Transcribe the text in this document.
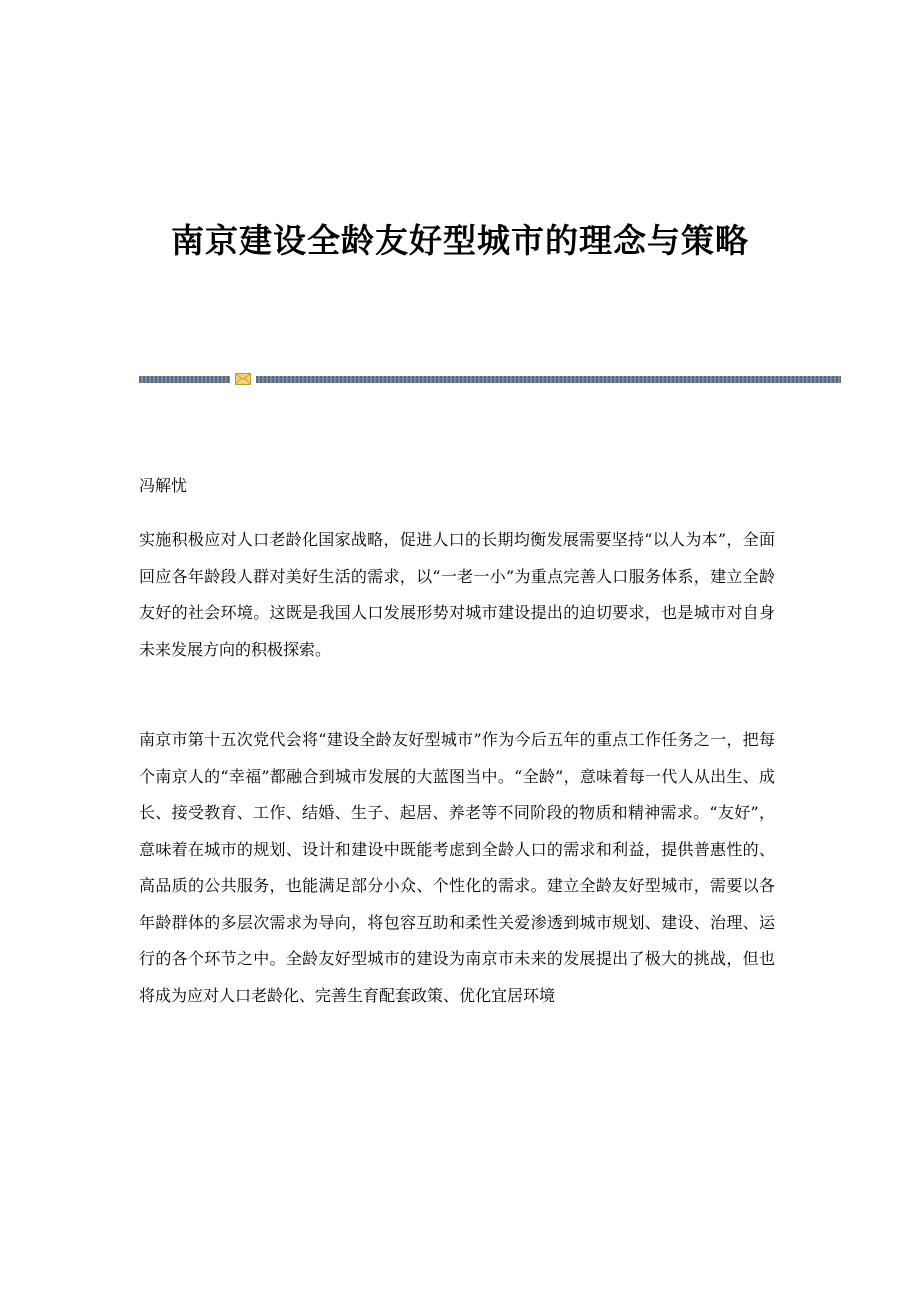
南京建设全龄友好型城市的理念与策略

冯解忧

实施积极应对人口老龄化国家战略，促进人口的长期均衡发展需要坚持“以人为本”，全面回应各年龄段人群对美好生活的需求，以“一老一小”为重点完善人口服务体系，建立全龄友好的社会环境。这既是我国人口发展形势对城市建设提出的迫切要求，也是城市对自身未来发展方向的积极探索。

南京市第十五次党代会将“建设全龄友好型城市”作为今后五年的重点工作任务之一，把每个南京人的“幸福”都融合到城市发展的大蓝图当中。“全龄”，意味着每一代人从出生、成长、接受教育、工作、结婚、生子、起居、养老等不同阶段的物质和精神需求。“友好”，意味着在城市的规划、设计和建设中既能考虑到全龄人口的需求和利益，提供普惠性的、高品质的公共服务，也能满足部分小众、个性化的需求。建立全龄友好型城市，需要以各年龄群体的多层次需求为导向，将包容互助和柔性关爱渗透到城市规划、建设、治理、运行的各个环节之中。全龄友好型城市的建设为南京市未来的发展提出了极大的挑战，但也将成为应对人口老龄化、完善生育配套政策、优化宜居环境
